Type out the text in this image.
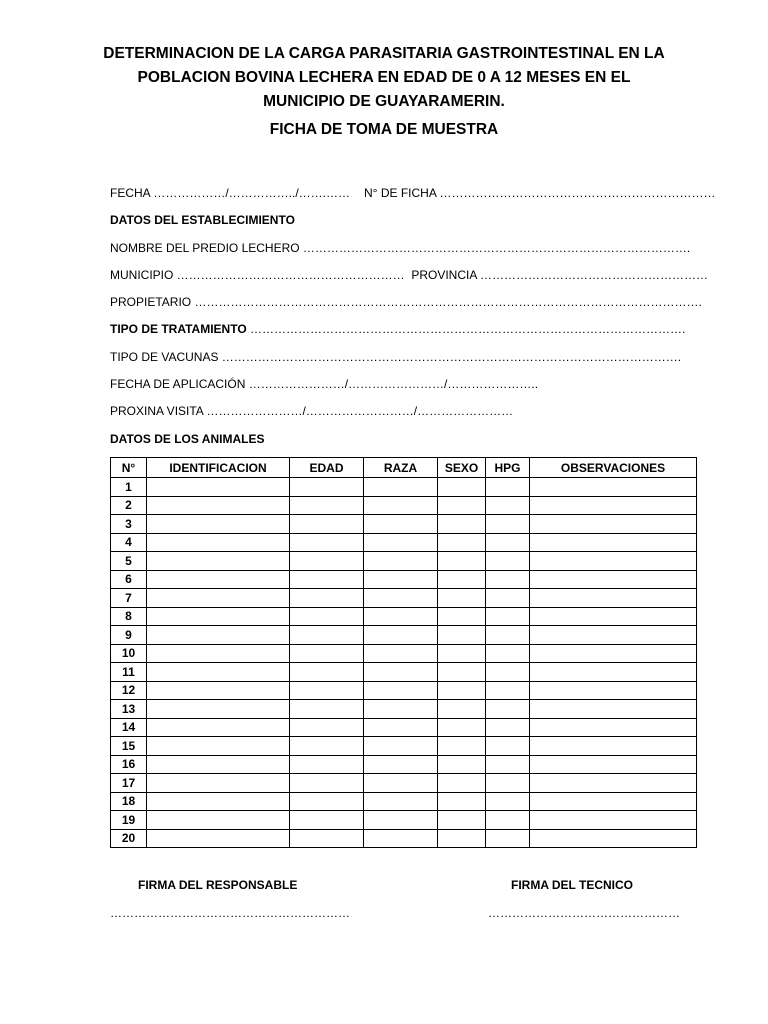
DETERMINACION DE LA CARGA PARASITARIA GASTROINTESTINAL EN LA
POBLACION BOVINA LECHERA EN EDAD DE 0 A 12 MESES EN EL
MUNICIPIO DE GUAYARAMERIN.
FICHA DE TOMA DE MUESTRA
FECHA ………………/……………../…….…… N° DE FICHA ……………………………………………………………
DATOS DEL ESTABLECIMIENTO
NOMBRE DEL PREDIO LECHERO …………………………………………………………………………………….
MUNICIPIO ………………………………………………… PROVINCIA …………………………………………………
PROPIETARIO ……………………………………………………………………………………………………………….
TIPO DE TRATAMIENTO ……………………………………………………………………………………………….
TIPO DE VACUNAS …………………………………………………………………………………………………….
FECHA DE APLICACIÓN ……………………/……………………/…………………..
PROXINA VISITA ……………………/………………………/……………………
DATOS DE LOS ANIMALES
N°	IDENTIFICACION	EDAD	RAZA	SEXO	HPG	OBSERVACIONES
1						
2						
3						
4						
5						
6						
7						
8						
9						
10						
11						
12						
13						
14						
15						
16						
17						
18						
19						
20						
FIRMA DEL RESPONSABLE	FIRMA DEL TECNICO
……………………………………………………	…………………………………………
